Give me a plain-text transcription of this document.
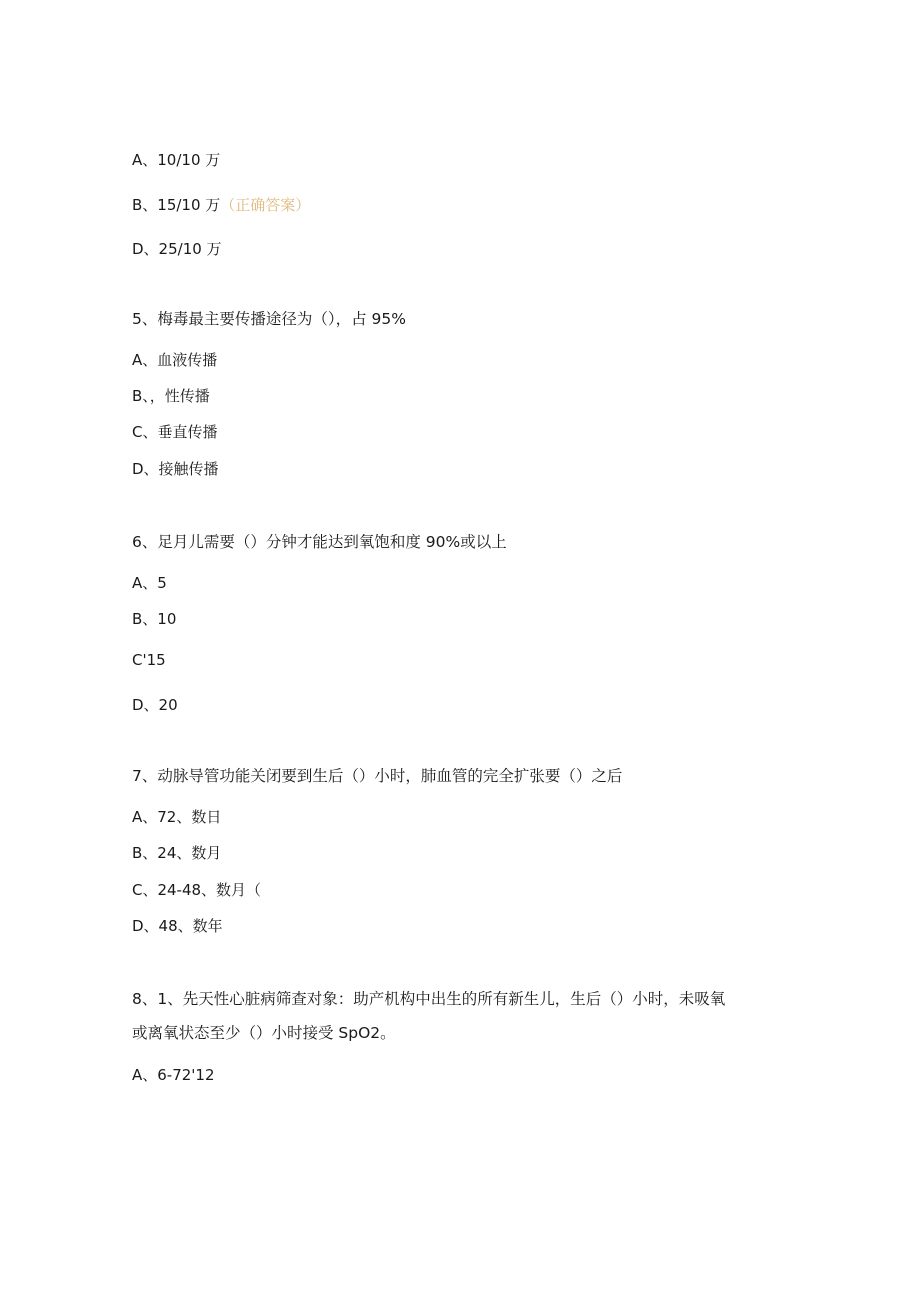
A、10/10 万
B、15/10 万（正确答案）
D、25/10 万
5、梅毒最主要传播途径为（），占 95%
A、血液传播
B、，性传播
C、垂直传播
D、接触传播
6、足月儿需要（）分钟才能达到氧饱和度 90%或以上
A、5
B、10
C'15
D、20
7、动脉导管功能关闭要到生后（）小时，肺血管的完全扩张要（）之后
A、72、数日
B、24、数月
C、24-48、数月（
D、48、数年
8、1、先天性心脏病筛查对象：助产机构中出生的所有新生儿，生后（）小时，未吸氧
或离氧状态至少（）小时接受 SpO2。
A、6-72'12
